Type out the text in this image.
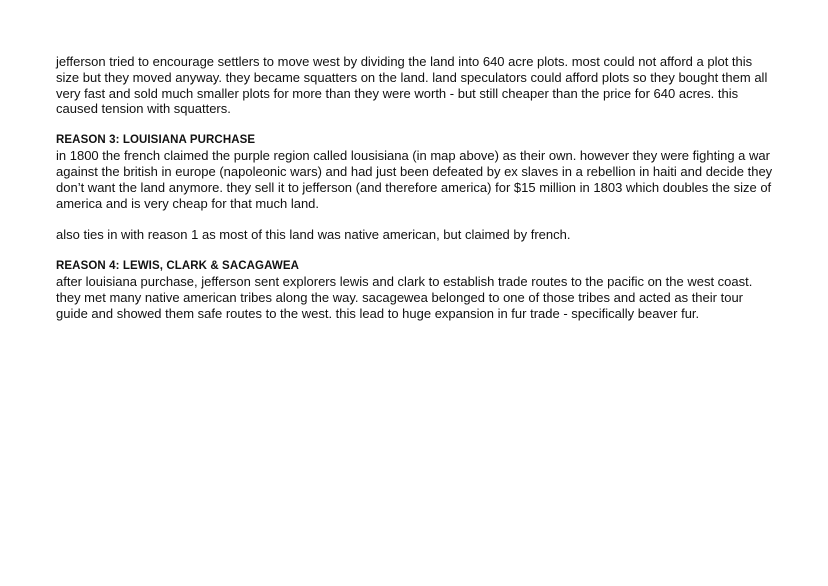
jefferson tried to encourage settlers to move west by dividing the land into 640 acre plots. most could not afford a plot this size but they moved anyway. they became squatters on the land. land speculators could afford plots so they bought them all very fast and sold much smaller plots for more than they were worth - but still cheaper than the price for 640 acres. this caused tension with squatters.

REASON 3: LOUISIANA PURCHASE

in 1800 the french claimed the purple region called lousisiana (in map above) as their own. however they were fighting a war against the british in europe (napoleonic wars) and had just been defeated by ex slaves in a rebellion in haiti and decide they don’t want the land anymore. they sell it to jefferson (and therefore america) for $15 million in 1803 which doubles the size of america and is very cheap for that much land.

also ties in with reason 1 as most of this land was native american, but claimed by french.

REASON 4: LEWIS, CLARK & SACAGAWEA

after louisiana purchase, jefferson sent explorers lewis and clark to establish trade routes to the pacific on the west coast. they met many native american tribes along the way. sacagewea belonged to one of those tribes and acted as their tour guide and showed them safe routes to the west. this lead to huge expansion in fur trade - specifically beaver fur.
